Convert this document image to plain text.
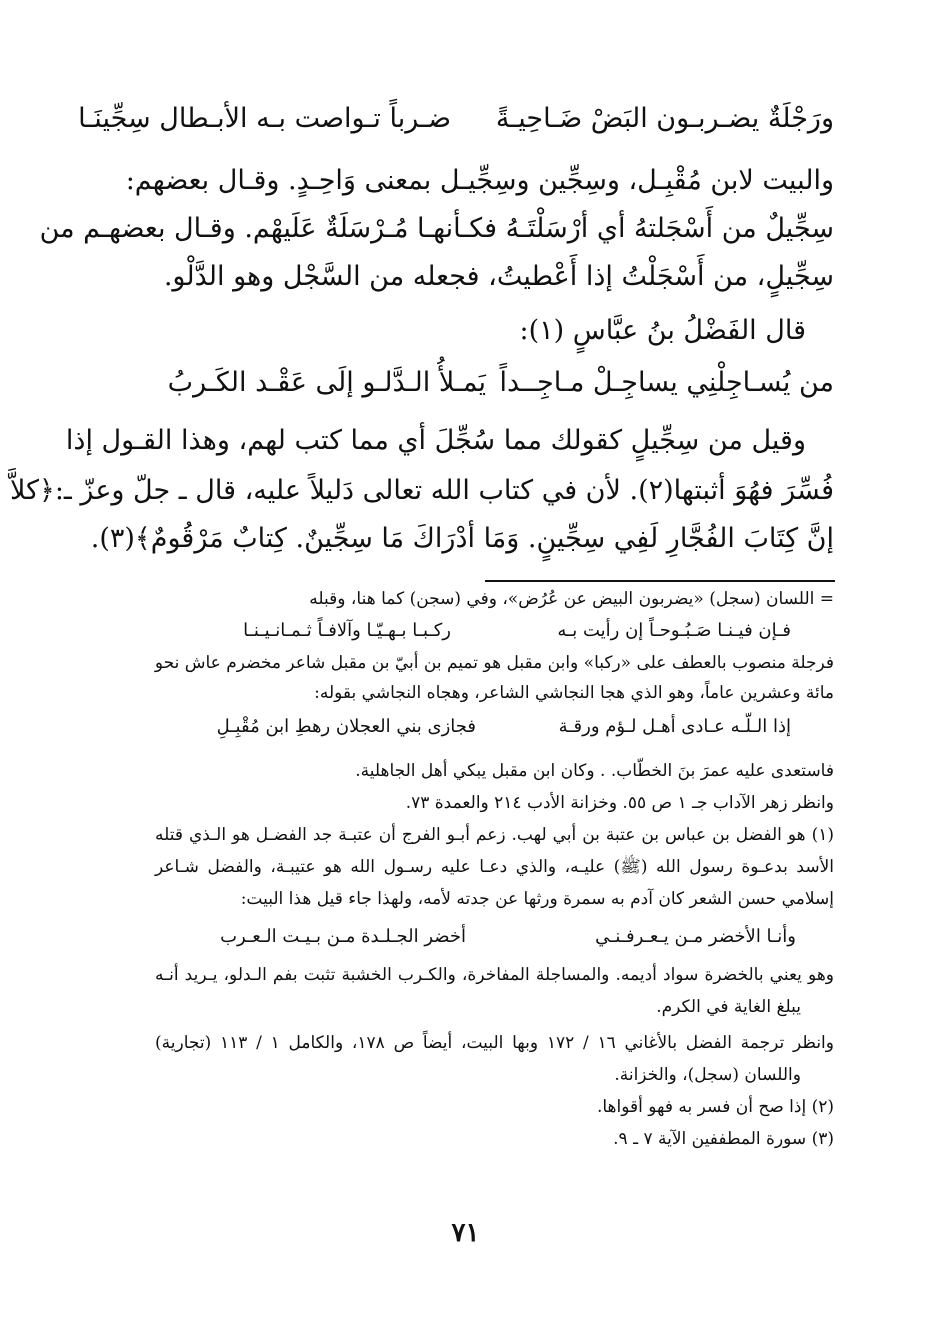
ورَجْلَةٌ يضـربـون البَضْ ضَـاحِيـةً
ضـرباً تـواصت بـه الأبـطال سِجِّينَـا
والبيت لابن مُقْبِـل، وسِجِّين وسِجِّيـل بمعنى وَاحِـدٍ. وقـال بعضهم:
سِجِّيلٌ من أَسْجَلتهُ أي أرْسَلْتَـهُ فكـأنهـا مُـرْسَلَةٌ عَلَيهْم. وقـال بعضهـم من
سِجِّيلٍ، من أَسْجَلْتُ إذا أَعْطيتُ، فجعله من السَّجْل وهو الدَّلْو.
قال الفَضْلُ بنُ عبَّاسٍ (١):
من يُسـاجِلْنِي يساجِـلْ مـاجِــداً
يَمـلأُ الـدَّلـو إلَى عَقْـد الكَـربُ
وقيل من سِجِّيلٍ كقولك مما سُجِّلَ أي مما كتب لهم، وهذا القـول إذا
فُسِّرَ فهُوَ أثبتها(٢). لأن في كتاب الله تعالى دَليلاً عليه، قال ـ جلّ وعزّ ـ:﴿كلاَّ
إنَّ كِتَابَ الفُجَّارِ لَفِي سِجِّينٍ. وَمَا أدْرَاكَ مَا سِجِّينٌ. كِتابٌ مَرْقُومٌ﴾(٣).
= اللسان (سجل) «يضربون البيض عن عُرُض»، وفي (سجن) كما هنا، وقبله
فـإن فيـنـا صَـبُـوحـاً إن رأيت بـه
ركـبـا بـهـيّـا وآلافـاً ثـمـانـيـنـا
فرجلة منصوب بالعطف على «ركبا» وابن مقبل هو تميم بن أبيّ بن مقبل شاعر مخضرم عاش نحو
مائة وعشرين عاماً، وهو الذي هجا النجاشي الشاعر، وهجاه النجاشي بقوله:
إذا الـلّـه عـادى أهـل لـؤم ورقـة
فجازى بني العجلان رهطِ ابن مُقْبِـلِ
فاستعدى عليه عمرَ بنَ الخطّاب. . وكان ابن مقبل يبكي أهل الجاهلية.
وانظر زهر الآداب جـ ١ ص ٥٥. وخزانة الأدب ٢١٤ والعمدة ٧٣.
(١) هو الفضل بن عباس بن عتبة بن أبي لهب. زعم أبـو الفرج أن عتبـة جد الفضـل هو الـذي قتله
الأسد بدعـوة رسول الله (ﷺ) عليـه، والذي دعـا عليه رسـول الله هو عتيبـة، والفضل شـاعر
إسلامي حسن الشعر كان آدم به سمرة ورثها عن جدته لأمه، ولهذا جاء قيل هذا البيت:
وأنـا الأخضر مـن يـعـرفـنـي
أخضر الجـلـدة مـن بـيـت الـعـرب
وهو يعني بالخضرة سواد أديمه. والمساجلة المفاخرة، والكـرب الخشبة تثبت بفم الـدلو، يـريد أنـه
يبلغ الغاية في الكرم.
وانظر ترجمة الفضل بالأغاني ١٦ / ١٧٢ وبها البيت، أيضاً ص ١٧٨، والكامل ١ / ١١٣ (تجارية)
واللسان (سجل)، والخزانة.
(٢) إذا صح أن فسر به فهو أقواها.
(٣) سورة المطففين الآية ٧ ـ ٩.
٧١
